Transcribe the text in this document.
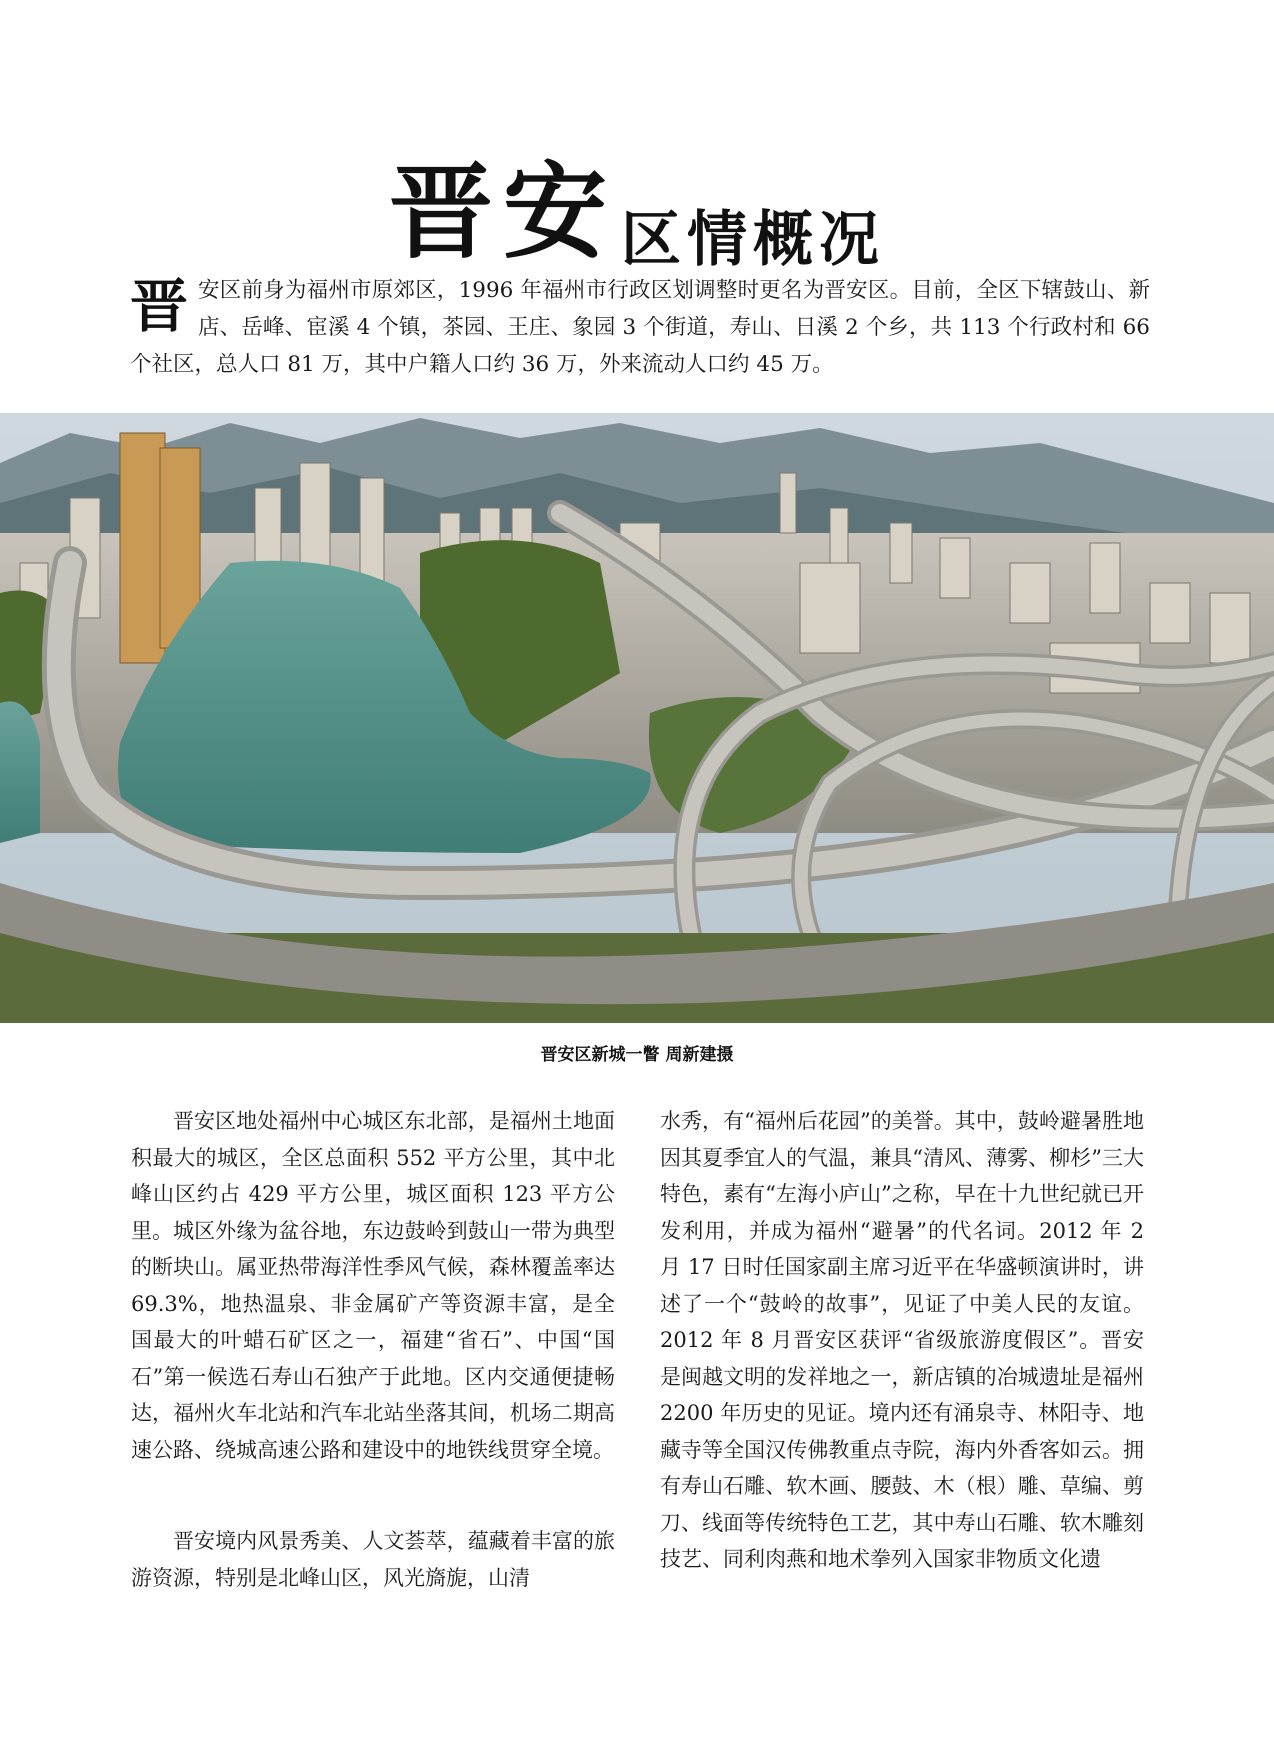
晋安区情概况
晋 安区前身为福州市原郊区，1996 年福州市行政区划调整时更名为晋安区。目前，全区下辖鼓山、新店、岳峰、宦溪 4 个镇，茶园、王庄、象园 3 个街道，寿山、日溪 2 个乡，共 113 个行政村和 66 个社区，总人口 81 万，其中户籍人口约 36 万，外来流动人口约 45 万。
晋安区新城一瞥 周新建摄

晋安区地处福州中心城区东北部，是福州土地面积最大的城区，全区总面积 552 平方公里，其中北峰山区约占 429 平方公里，城区面积 123 平方公里。城区外缘为盆谷地，东边鼓岭到鼓山一带为典型的断块山。属亚热带海洋性季风气候，森林覆盖率达 69.3%，地热温泉、非金属矿产等资源丰富，是全国最大的叶蜡石矿区之一，福建“省石”、中国“国石”第一候选石寿山石独产于此地。区内交通便捷畅达，福州火车北站和汽车北站坐落其间，机场二期高速公路、绕城高速公路和建设中的地铁线贯穿全境。

晋安境内风景秀美、人文荟萃，蕴藏着丰富的旅游资源，特别是北峰山区，风光旖旎，山清

水秀，有“福州后花园”的美誉。其中，鼓岭避暑胜地因其夏季宜人的气温，兼具“清风、薄雾、柳杉”三大特色，素有“左海小庐山”之称，早在十九世纪就已开发利用，并成为福州“避暑”的代名词。2012 年 2 月 17 日时任国家副主席习近平在华盛顿演讲时，讲述了一个“鼓岭的故事”，见证了中美人民的友谊。2012 年 8 月晋安区获评“省级旅游度假区”。晋安是闽越文明的发祥地之一，新店镇的冶城遗址是福州 2200 年历史的见证。境内还有涌泉寺、林阳寺、地藏寺等全国汉传佛教重点寺院，海内外香客如云。拥有寿山石雕、软木画、腰鼓、木（根）雕、草编、剪刀、线面等传统特色工艺，其中寿山石雕、软木雕刻技艺、同利肉燕和地术拳列入国家非物质文化遗
